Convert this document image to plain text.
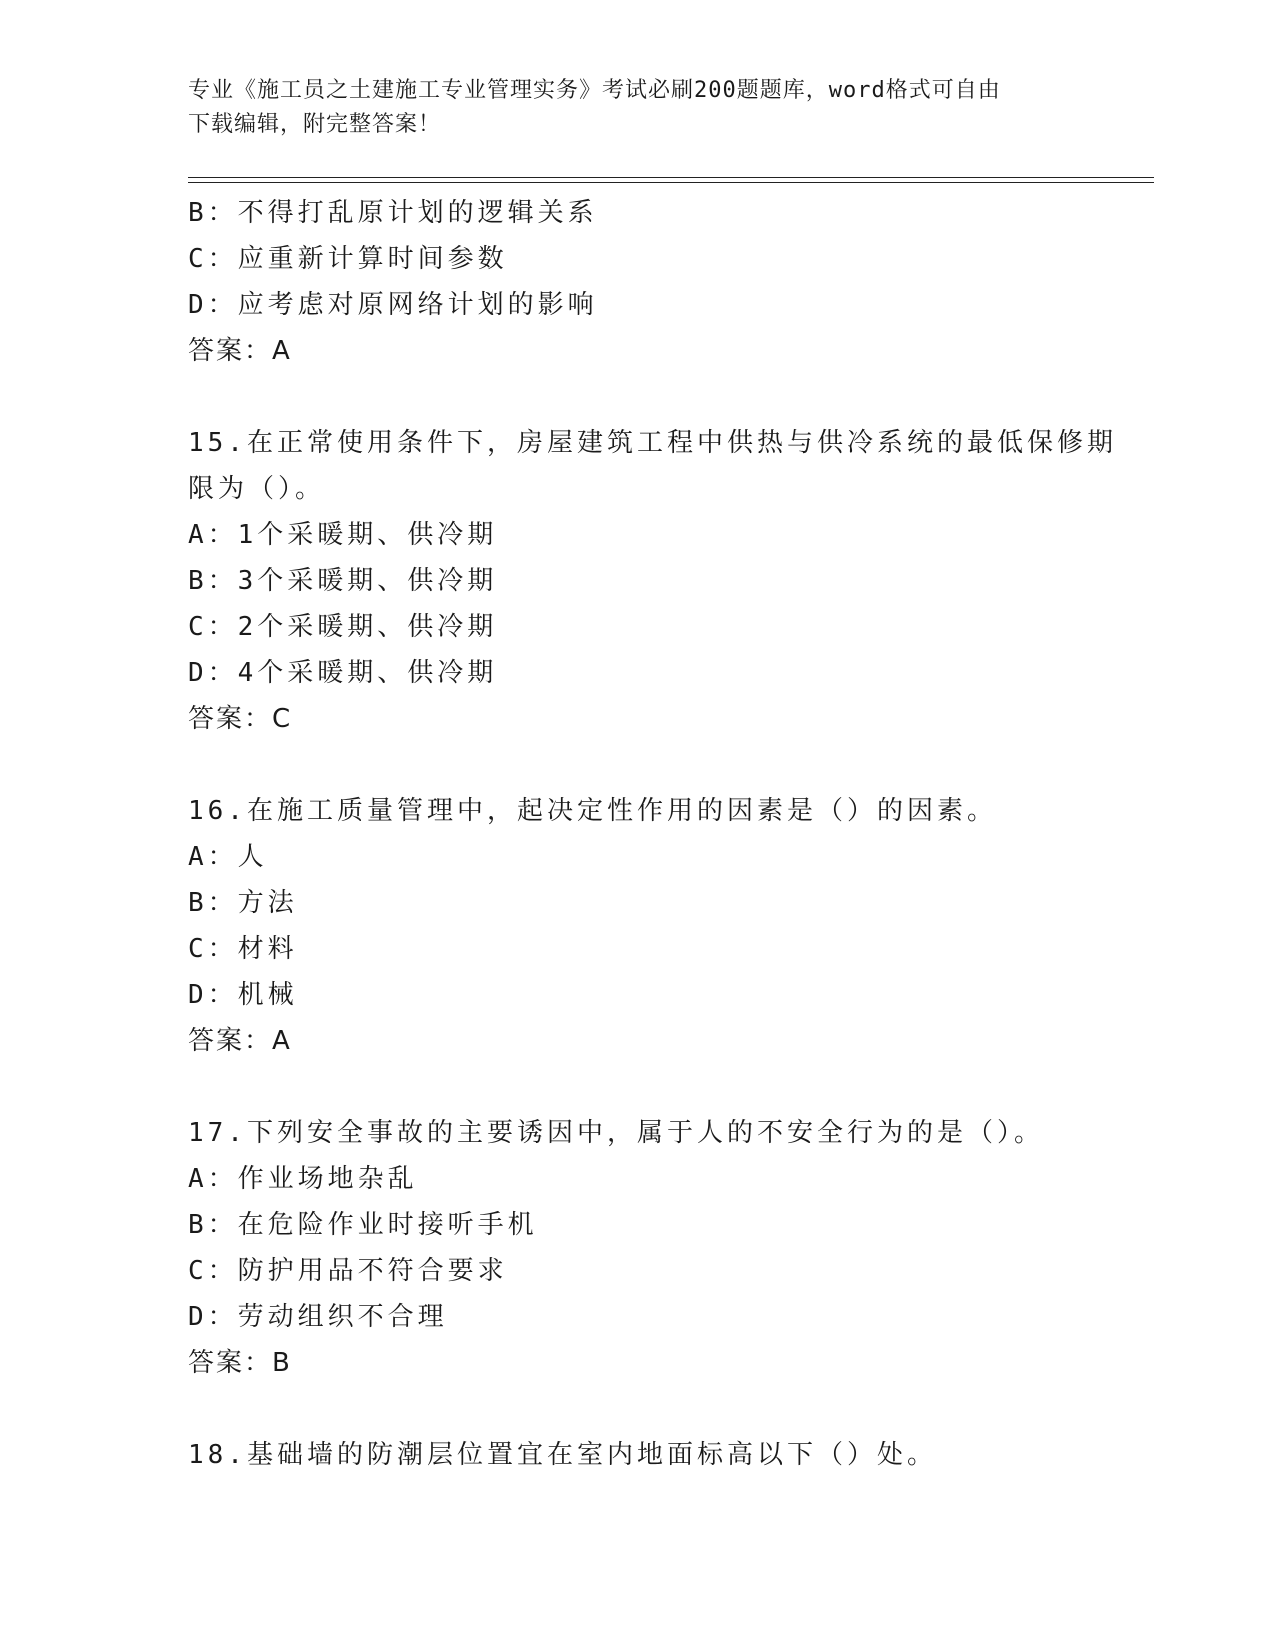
专业《施工员之土建施工专业管理实务》考试必刷200题题库，word格式可自由
下载编辑，附完整答案！
B：不得打乱原计划的逻辑关系
C：应重新计算时间参数
D：应考虑对原网络计划的影响
答案：A
15.在正常使用条件下，房屋建筑工程中供热与供冷系统的最低保修期
限为（）。
A：1个采暖期、供冷期
B：3个采暖期、供冷期
C：2个采暖期、供冷期
D：4个采暖期、供冷期
答案：C
16.在施工质量管理中，起决定性作用的因素是（）的因素。
A：人
B：方法
C：材料
D：机械
答案：A
17.下列安全事故的主要诱因中，属于人的不安全行为的是（）。
A：作业场地杂乱
B：在危险作业时接听手机
C：防护用品不符合要求
D：劳动组织不合理
答案：B
18.基础墙的防潮层位置宜在室内地面标高以下（）处。
